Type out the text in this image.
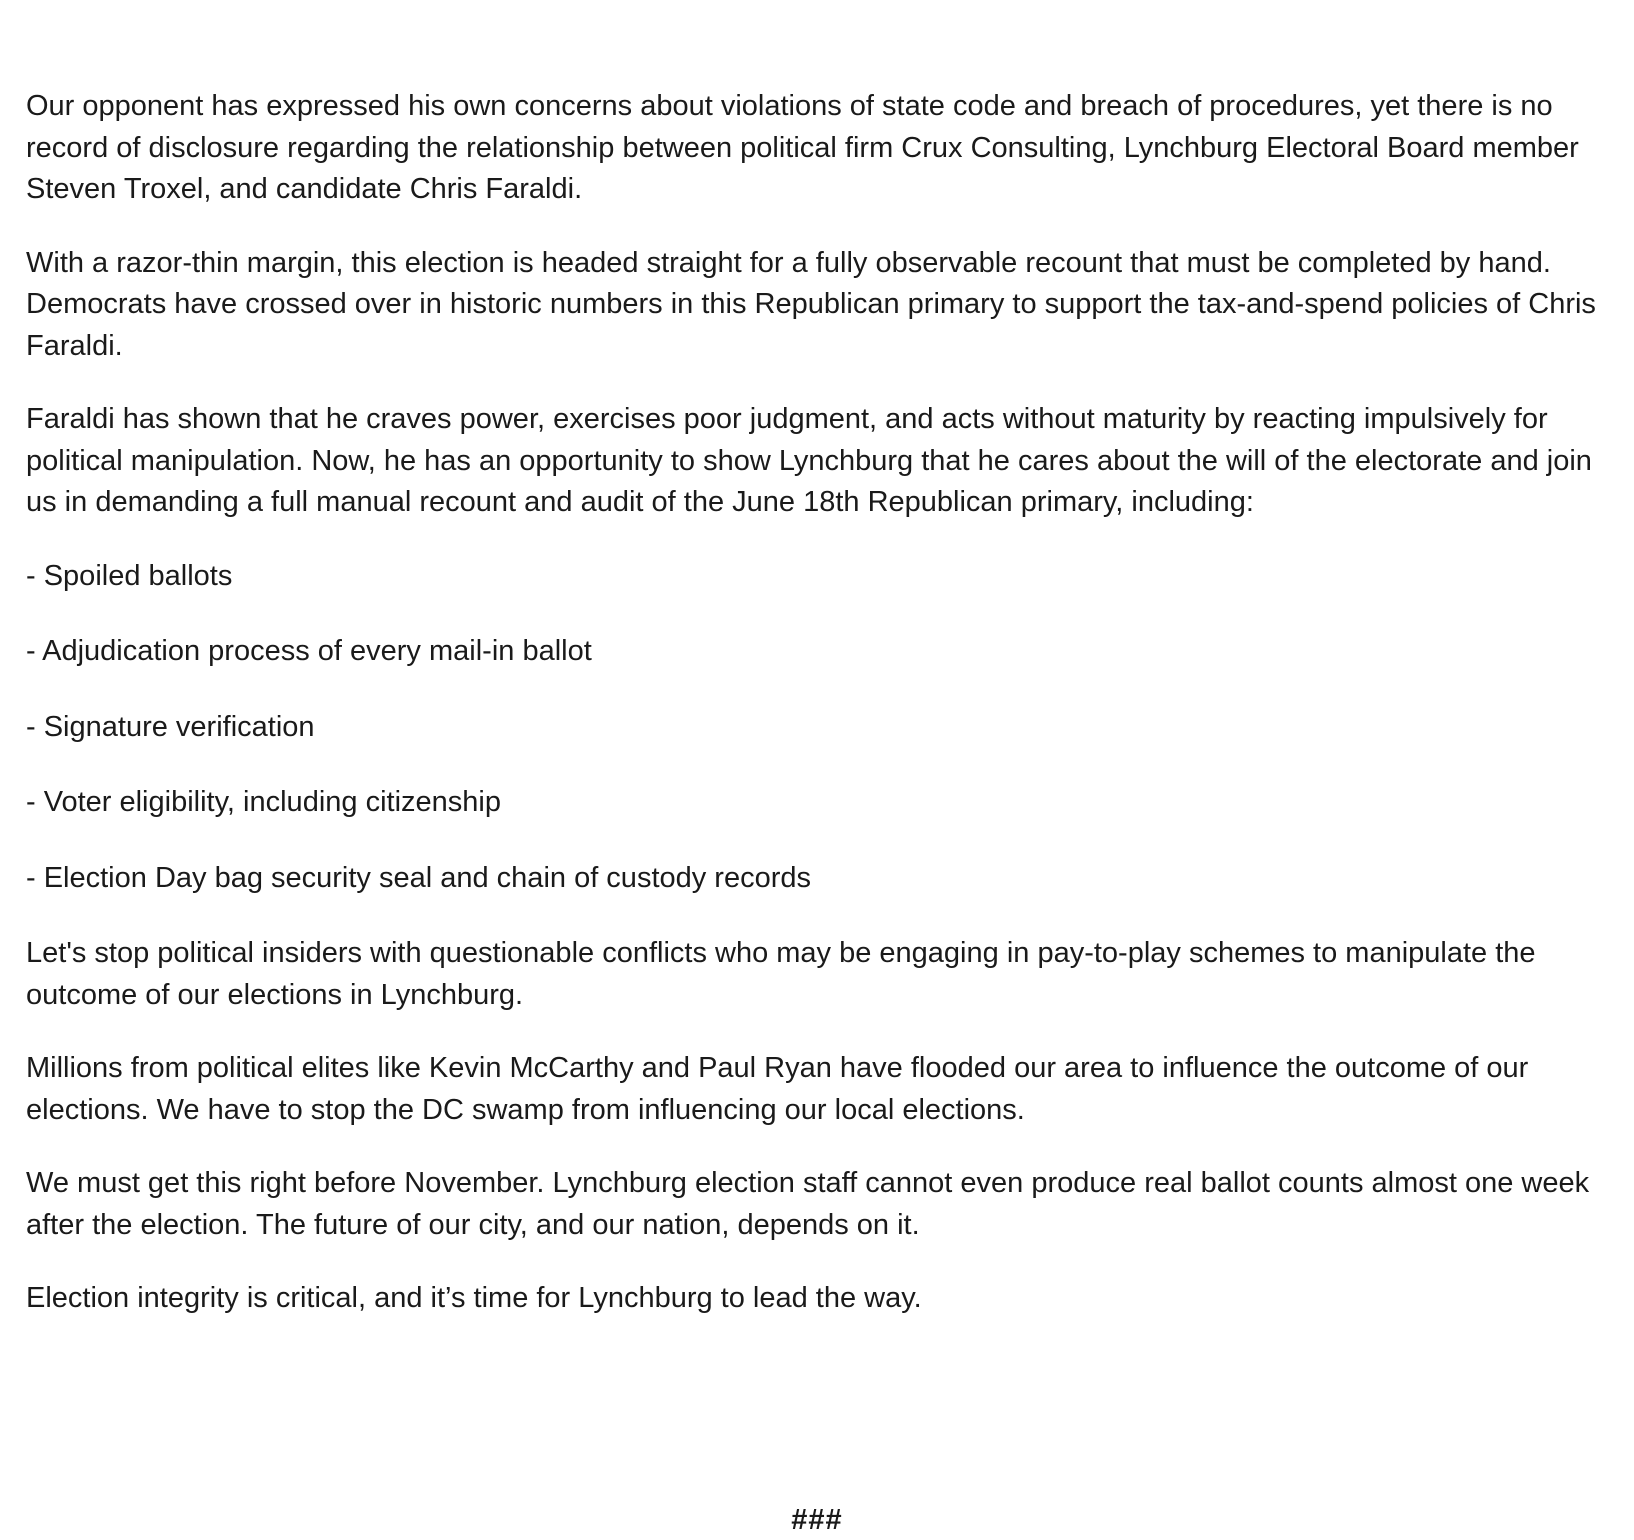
Our opponent has expressed his own concerns about violations of state code and breach of procedures, yet there is no record of disclosure regarding the relationship between political firm Crux Consulting, Lynchburg Electoral Board member Steven Troxel, and candidate Chris Faraldi.

With a razor-thin margin, this election is headed straight for a fully observable recount that must be completed by hand. Democrats have crossed over in historic numbers in this Republican primary to support the tax-and-spend policies of Chris Faraldi.

Faraldi has shown that he craves power, exercises poor judgment, and acts without maturity by reacting impulsively for political manipulation. Now, he has an opportunity to show Lynchburg that he cares about the will of the electorate and join us in demanding a full manual recount and audit of the June 18th Republican primary, including:

- Spoiled ballots
- Adjudication process of every mail-in ballot
- Signature verification
- Voter eligibility, including citizenship
- Election Day bag security seal and chain of custody records

Let's stop political insiders with questionable conflicts who may be engaging in pay-to-play schemes to manipulate the outcome of our elections in Lynchburg.

Millions from political elites like Kevin McCarthy and Paul Ryan have flooded our area to influence the outcome of our elections. We have to stop the DC swamp from influencing our local elections.

We must get this right before November. Lynchburg election staff cannot even produce real ballot counts almost one week after the election. The future of our city, and our nation, depends on it.

Election integrity is critical, and it’s time for Lynchburg to lead the way.

###
